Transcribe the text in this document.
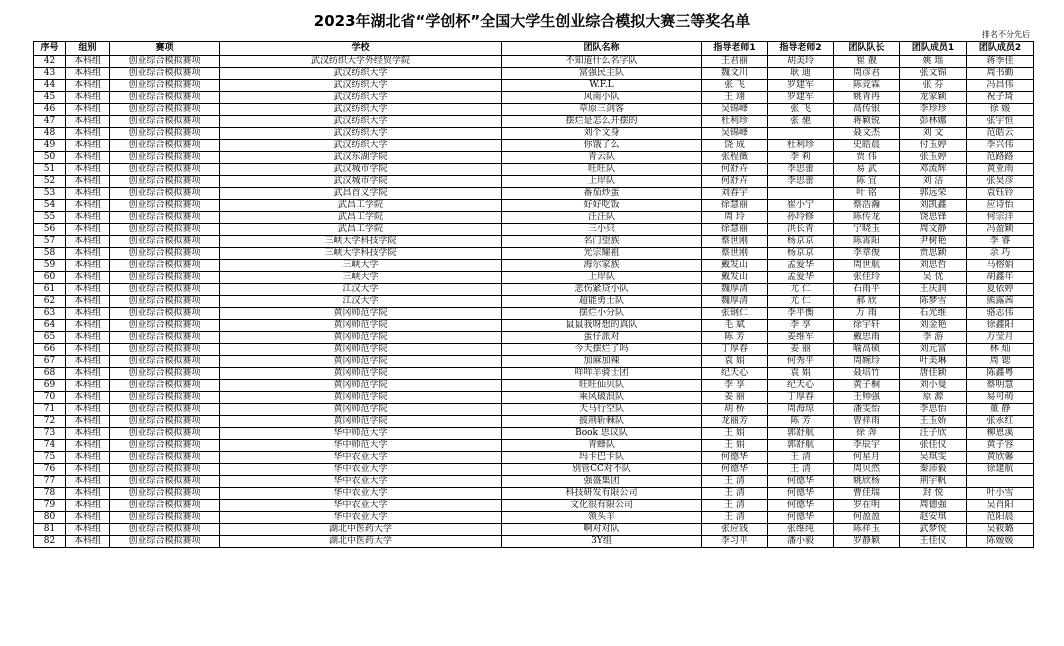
2023年湖北省“学创杯”全国大学生创业综合模拟大赛三等奖名单
排名不分先后
序号	组别	赛项	学校	团队名称	指导老师1	指导老师2	团队队长	团队成员1	团队成员2
42	本科组	创业综合模拟赛项	武汉纺织大学外经贸学院	不知道什么名字队	王君丽	胡美玲	崔 靓	姚 瑶	蒋季佳
43	本科组	创业综合模拟赛项	武汉纺织大学	富强民主队	魏文川	耿 迪	周彦君	张文锦	周书勤
44	本科组	创业综合模拟赛项	武汉纺织大学	W.F.L	张 飞	罗建军	陈竞霖	张 芬	冯昌伟
45	本科组	创业综合模拟赛项	武汉纺织大学	风南小队	王 翊	罗建军	姚青冉	龙家颖	祝子琦
46	本科组	创业综合模拟赛项	武汉纺织大学	草原三剑客	吴锦峰	张 飞	高传银	李珍珍	徐 媛
47	本科组	创业综合模拟赛项	武汉纺织大学	摆烂是怎么开摆的	杜利珍	张 驰	蒋颖锐	彭林娜	张宇恒
48	本科组	创业综合模拟赛项	武汉纺织大学	刘个文身	吴锦峰		聂文杰	刘 文	范皓云
49	本科组	创业综合模拟赛项	武汉纺织大学	你饿了么	饶 成	杜利珍	史皓晨	付玉婷	李兴伟
50	本科组	创业综合模拟赛项	武汉东湖学院	青云队	张程薇	李 莉	贾 伟	张玉婷	范路路
51	本科组	创业综合模拟赛项	武汉城市学院	旺旺队	何舒卉	李思蕾	易 武	邓流辉	黄亚雨
52	本科组	创业综合模拟赛项	武汉城市学院	上岸队	何舒卉	李思蕾	陈 宜	刘 洁	张昊彦
53	本科组	创业综合模拟赛项	武昌首义学院	番茄炒蛋	刘春宇		叶 铭	郭远荣	袁钰铃
54	本科组	创业综合模拟赛项	武昌工学院	好好吃饭	徐慧丽	崔小宁	蔡浩瀚	刘凯鑫	应诗怡
55	本科组	创业综合模拟赛项	武昌工学院	汪汪队	周 玲	孙玲修	陈传龙	饶思锋	何宗洋
56	本科组	创业综合模拟赛项	武昌工学院	三小只	徐慧丽	洪长青	宁晓玉	周文静	冯盈颖
57	本科组	创业综合模拟赛项	三峡大学科技学院	名门望族	蔡世刚	杨京京	陈霄阳	尹树艳	李 睿
58	本科组	创业综合模拟赛项	三峡大学科技学院	光宗耀祖	蔡世刚	杨京京	李章俊	贾思颖	余 巧
59	本科组	创业综合模拟赛项	三峡大学	海尔家族	戴发山	孟爱华	周世航	刘思哲	马榕娟
60	本科组	创业综合模拟赛项	三峡大学	上岸队	戴发山	孟爱华	张佳玲	吴 优	胡鑫年
61	本科组	创业综合模拟赛项	江汉大学	悲伤紧贷小队	魏厚清	尤 仁	石雨平	王庆润	夏依婷
62	本科组	创业综合模拟赛项	江汉大学	超能勇士队	魏厚清	尤 仁	郝 欣	陈梦雪	熊露茜
63	本科组	创业综合模拟赛项	黄冈师范学院	摆烂小分队	张钢仁	李平衡	万 雨	石光维	骆志伟
64	本科组	创业综合模拟赛项	黄冈师范学院	鼠鼠我呀想的真队	毛 斌	李 享	徐宇轩	刘金艳	徐鑫阳
65	本科组	创业综合模拟赛项	黄冈师范学院	蛋仔派对	陈 芳	姜维军	戴思雨	李 游	万莹月
66	本科组	创业综合模拟赛项	黄冈师范学院	今天摆烂了吗	丁厚春	姜 丽	喻高硕	刘元富	林 灿
67	本科组	创业综合模拟赛项	黄冈师范学院	加麻加辣	袁 娟	何秀平	周婉玲	叶美琳	周 锶
68	本科组	创业综合模拟赛项	黄冈师范学院	咩咩羊骑士团	纪天心	袁 娟	聂培竹	唐佳颖	陈鑫粤
69	本科组	创业综合模拟赛项	黄冈师范学院	旺旺仙贝队	李 享	纪天心	黄子桐	刘小曼	蔡明慧
70	本科组	创业综合模拟赛项	黄冈师范学院	乘风破浪队	姜 丽	丁厚春	王帅强	原 源	易可萌
71	本科组	创业综合模拟赛项	黄冈师范学院	天马行空队	胡 桥	周海琼	潘雯怡	李思怡	董 静
72	本科组	创业综合模拟赛项	黄冈师范学院	披荆斩棘队	龙丽芳	陈 芳	曾祥雨	王玉娇	张永红
73	本科组	创业综合模拟赛项	华中师范大学	Book 思议队	王 娟	郭舒航	徐 奔	汪子欣	柳恩溪
74	本科组	创业综合模拟赛项	华中师范大学	青蜂队	王 娟	郭舒航	李辰宇	张佳仪	黄子容
75	本科组	创业综合模拟赛项	华中农业大学	玛卡巴卡队	何德华	王 清	何星月	吴琪雯	黄欣馨
76	本科组	创业综合模拟赛项	华中农业大学	别管CC对不队	何德华	王 清	周贝然	秦沛毅	徐建航
77	本科组	创业综合模拟赛项	华中农业大学	强盛集团	王 清	何德华	姚欣杨	荆宇帆	
78	本科组	创业综合模拟赛项	华中农业大学	科技研发有限公司	王 清	何德华	曹佳瑞	封 悦	叶小雪
79	本科组	创业综合模拟赛项	华中农业大学	文化很有限公司	王 清	何德华	罗在明	周德强	吴肖阳
80	本科组	创业综合模拟赛项	华中农业大学	领头羊	王 清	何德华	何盈盈	赵安琪	范阳晨
81	本科组	创业综合模拟赛项	湖北中医药大学	啊对对队	张应钱	张维纯	陈祥玉	武梦悦	吴筱璐
82	本科组	创业综合模拟赛项	湖北中医药大学	3Y组	李习平	潘小毅	罗静颖	王佳仪	陈嫒媛
